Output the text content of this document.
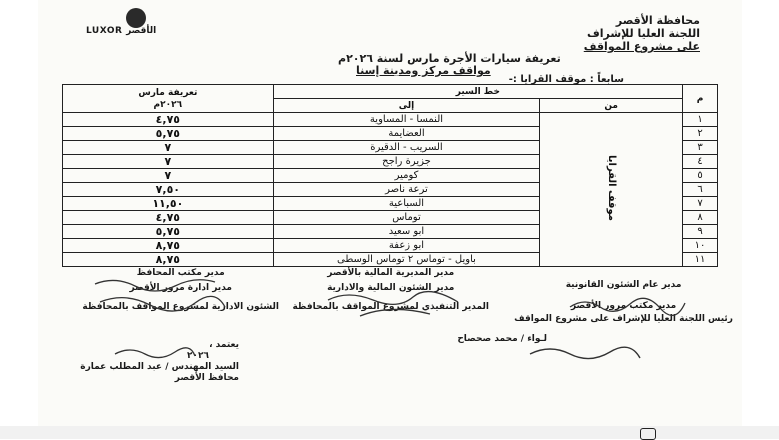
LUXOR الأقصر
محافظة الأقصر
اللجنة العليا للإشراف
على مشروع المواقف
تعريفة سيارات الأجرة مارس لسنة ٢٠٢٦م
مواقف مركز ومدينة إسنا
سابعاً : موقف القرايا :-
م	خط السير		تعريفة مارس
٢٠٢٦م

	من	إلى	
١	موقف القرايا	النمسا - المساوية	٤,٧٥
٢		العضايمة	٥,٧٥
٣		السريب - الدقيرة	٧
٤		جزيرة راجح	٧
٥		كومير	٧
٦		ترعة ناصر	٧,٥٠
٧		السباعية	١١,٥٠
٨		توماس	٤,٧٥
٩		ابو سعيد	٥,٧٥
١٠		ابو زعفة	٨,٧٥
١١		باويل - توماس ٢ توماس الوسطى	٨,٧٥
مدير مكتب المحافظ
مدير ادارة مرور الأقصر
الشئون الادارية لمشروع المواقف بالمحافظة
مدير المديرية المالية بالأقصر
مدير الشئون المالية والادارية
المدير التنفيذي لمشروع المواقف بالمحافظة
مدير عام الشئون القانونية
مدير مكتب مرور الأقصر
رئيس اللجنة العليا للإشراف على مشروع المواقف
لـواء / محمد صحصاح
يعتمد ،
٢٠٢٦
السيد المهندس / عبد المطلب عمارة
محافظ الأقصر
